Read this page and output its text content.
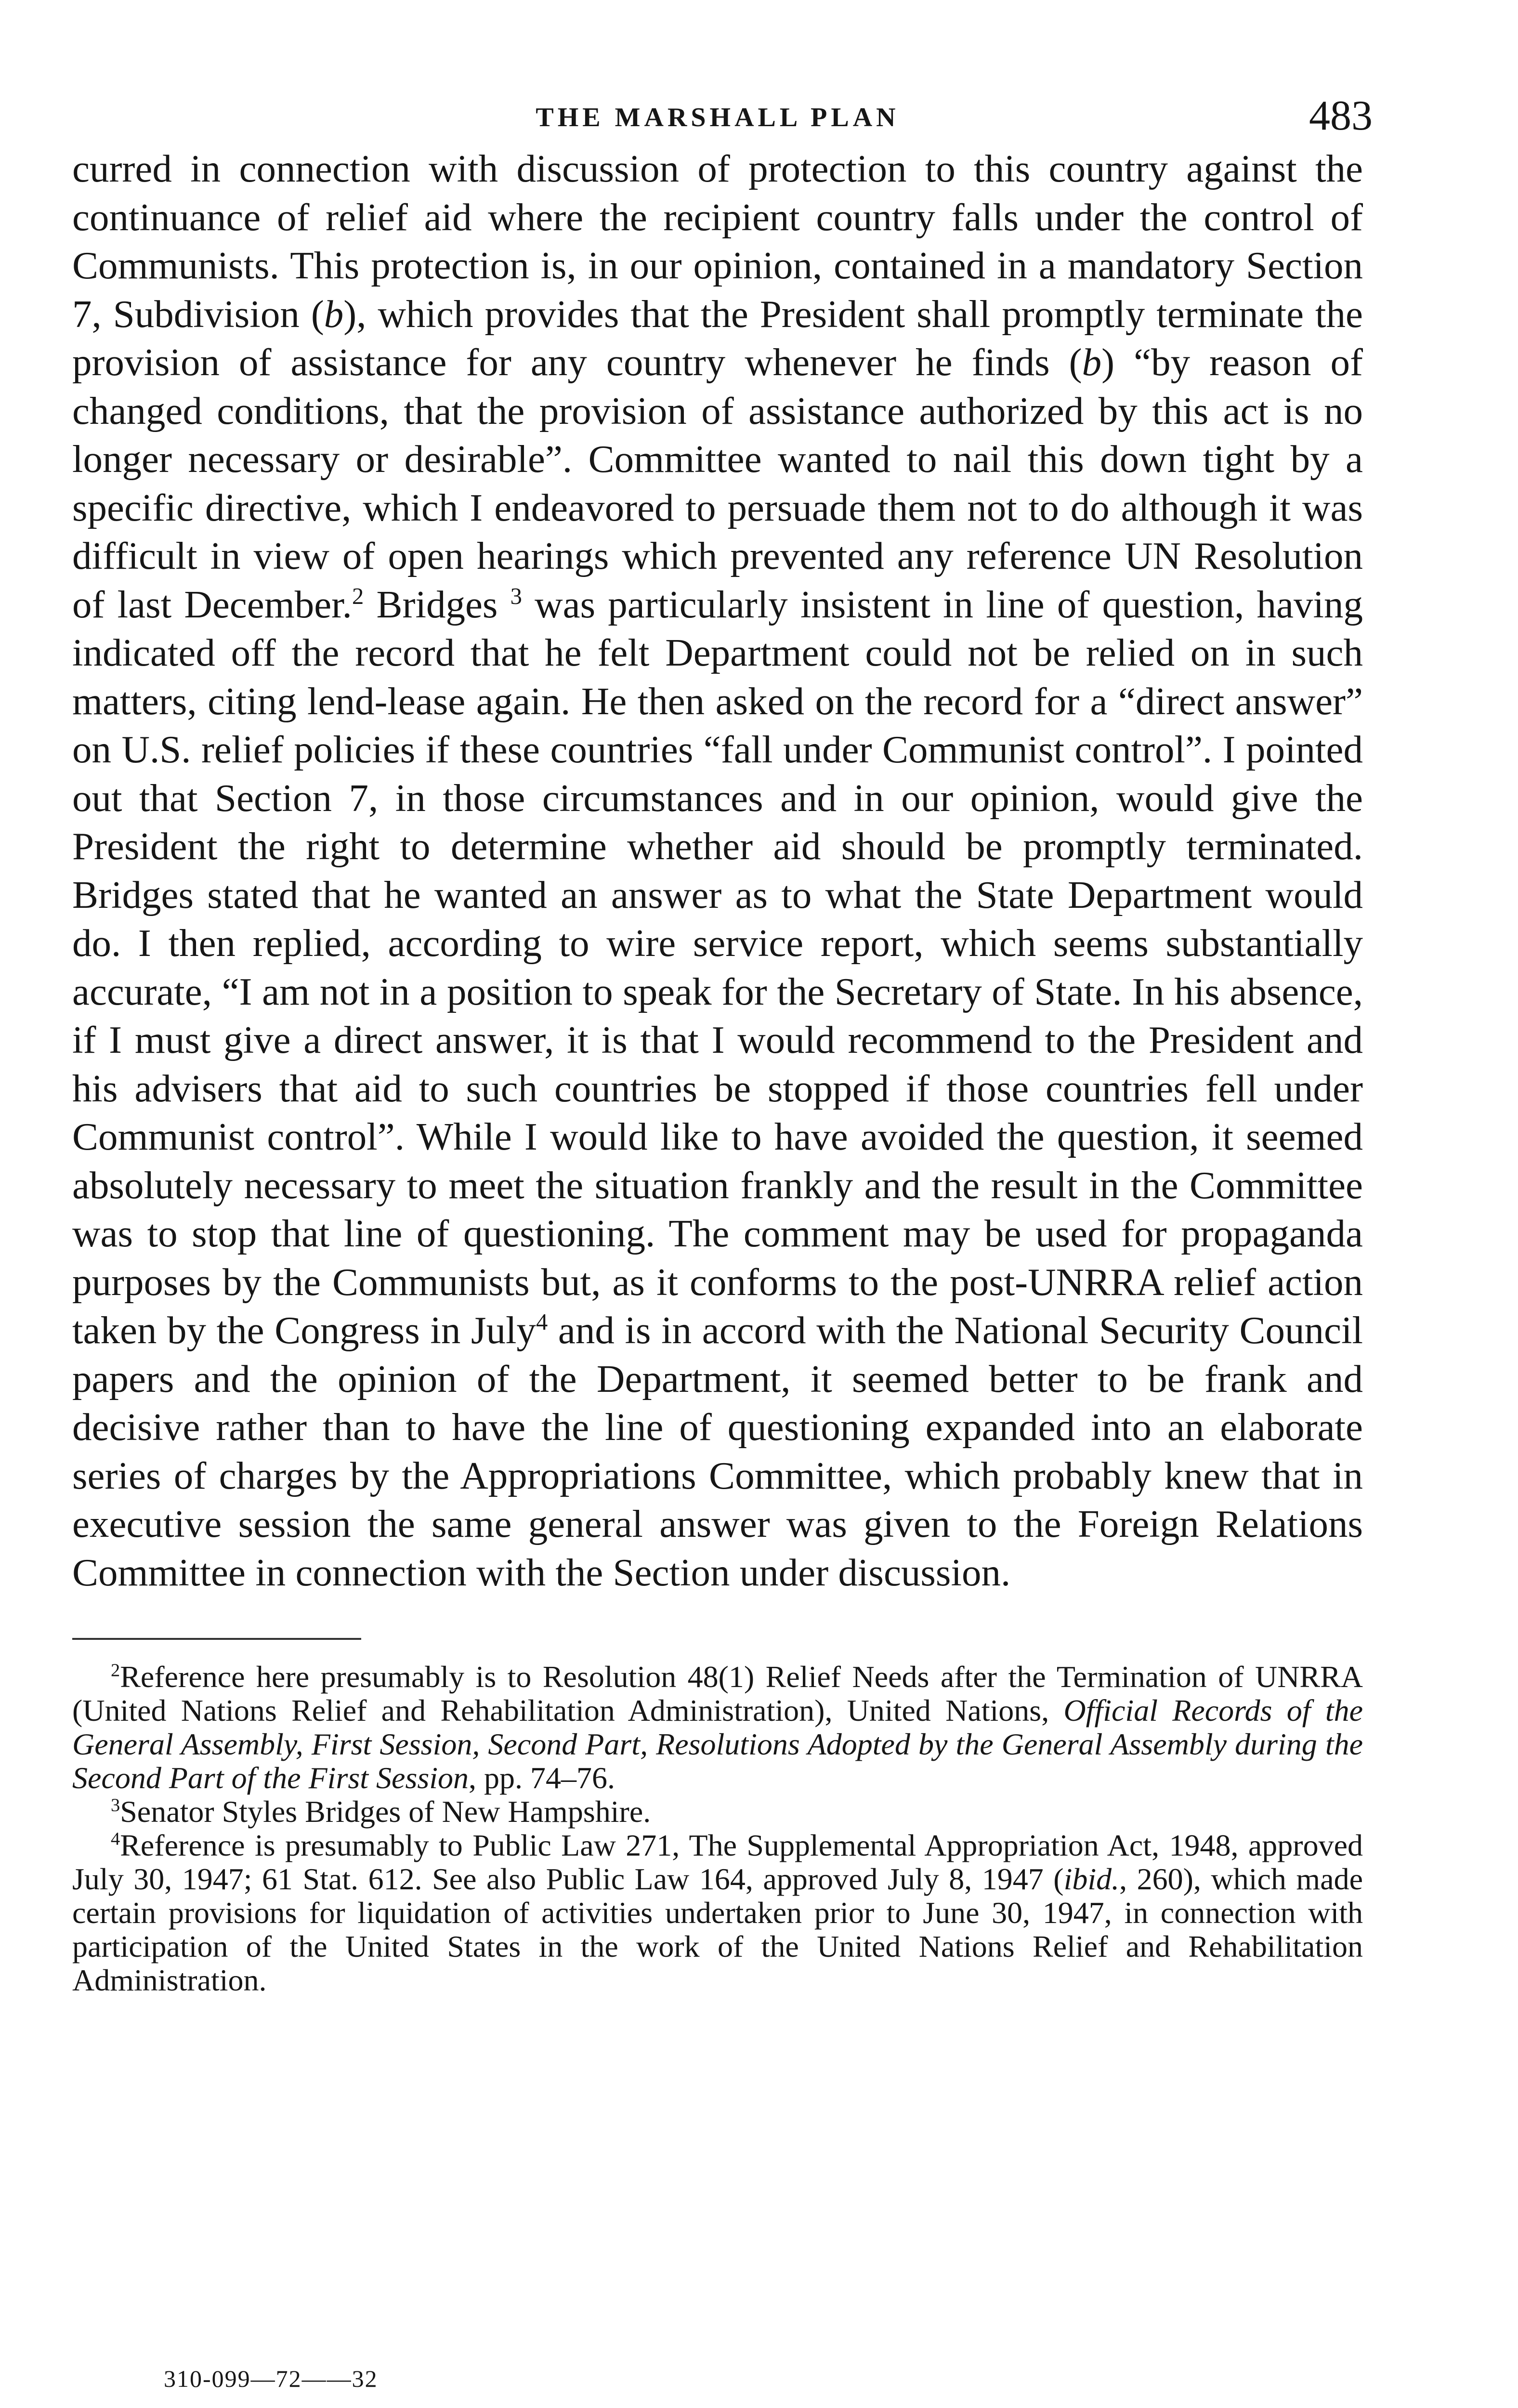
THE MARSHALL PLAN	483

curred in connection with discussion of protection to this country against the continuance of relief aid where the recipient country falls under the control of Communists. This protection is, in our opinion, contained in a mandatory Section 7, Subdivision (b), which provides that the President shall promptly terminate the provision of assistance for any country whenever he finds (b) “by reason of changed conditions, that the provision of assistance authorized by this act is no longer necessary or desirable”. Committee wanted to nail this down tight by a specific directive, which I endeavored to persuade them not to do although it was difficult in view of open hearings which prevented any reference UN Resolution of last December.$^2$ Bridges $^3$ was particularly insistent in line of question, having indicated off the record that he felt Department could not be relied on in such matters, citing lend-lease again. He then asked on the record for a “direct answer” on U.S. relief policies if these countries “fall under Communist control”. I pointed out that Section 7, in those circumstances and in our opinion, would give the President the right to determine whether aid should be promptly terminated. Bridges stated that he wanted an answer as to what the State Department would do. I then replied, according to wire service report, which seems substantially accurate, “I am not in a position to speak for the Secretary of State. In his absence, if I must give a direct answer, it is that I would recommend to the President and his advisers that aid to such countries be stopped if those countries fell under Communist control”. While I would like to have avoided the question, it seemed absolutely necessary to meet the situation frankly and the result in the Committee was to stop that line of questioning. The comment may be used for propaganda purposes by the Communists but, as it conforms to the post-UNRRA relief action taken by the Congress in July$^4$ and is in accord with the National Security Council papers and the opinion of the Department, it seemed better to be frank and decisive rather than to have the line of questioning expanded into an elaborate series of charges by the Appropriations Committee, which probably knew that in executive session the same general answer was given to the Foreign Relations Committee in connection with the Section under discussion.

$^2$Reference here presumably is to Resolution 48(1) Relief Needs after the Termination of UNRRA (United Nations Relief and Rehabilitation Administration), United Nations, Official Records of the General Assembly, First Session, Second Part, Resolutions Adopted by the General Assembly during the Second Part of the First Session, pp. 74–76.

$^3$Senator Styles Bridges of New Hampshire.

$^4$Reference is presumably to Public Law 271, The Supplemental Appropriation Act, 1948, approved July 30, 1947; 61 Stat. 612. See also Public Law 164, approved July 8, 1947 (ibid., 260), which made certain provisions for liquidation of activities undertaken prior to June 30, 1947, in connection with participation of the United States in the work of the United Nations Relief and Rehabilitation Administration.

310-099—72——32
